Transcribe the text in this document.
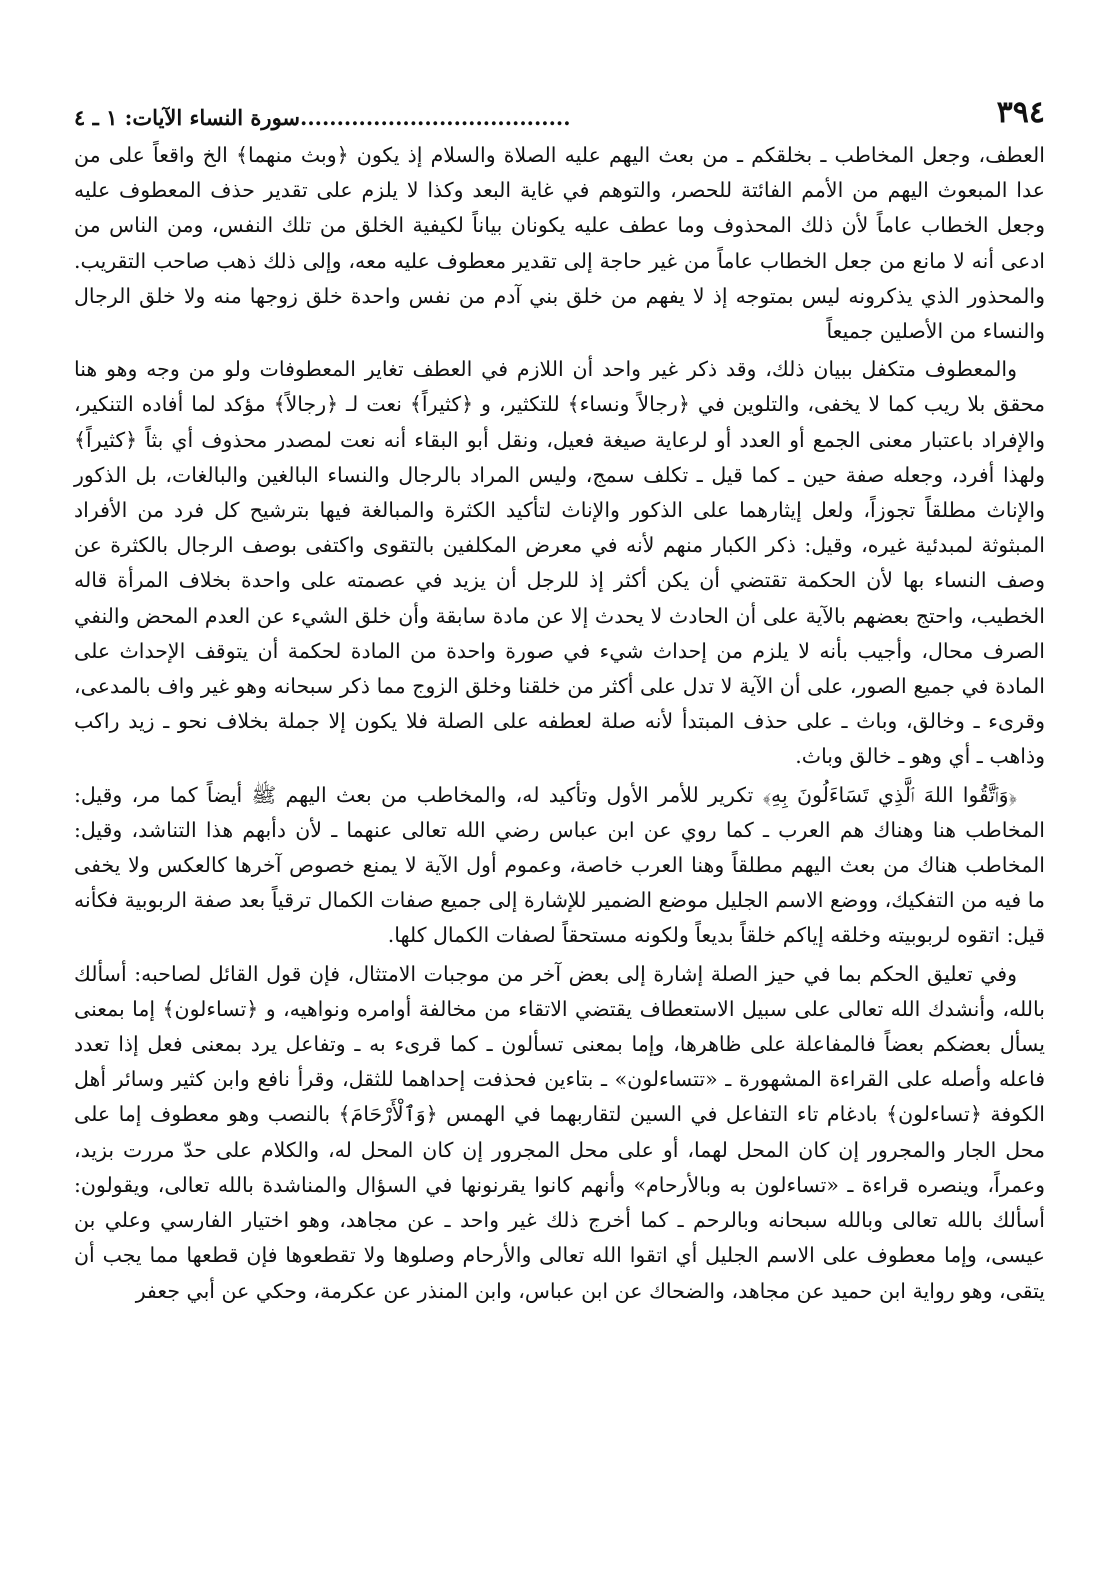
٣٩٤
.....................................سورة النساء الآيات: ١ ـ ٤

العطف، وجعل المخاطب ـ بخلقكم ـ من بعث اليهم عليه الصلاة والسلام إذ يكون ﴿وبث منهما﴾ الخ واقعاً على من عدا المبعوث اليهم من الأمم الفائتة للحصر، والتوهم في غاية البعد وكذا لا يلزم على تقدير حذف المعطوف عليه وجعل الخطاب عاماً لأن ذلك المحذوف وما عطف عليه يكونان بياناً لكيفية الخلق من تلك النفس، ومن الناس من ادعى أنه لا مانع من جعل الخطاب عاماً من غير حاجة إلى تقدير معطوف عليه معه، وإلى ذلك ذهب صاحب التقريب. والمحذور الذي يذكرونه ليس بمتوجه إذ لا يفهم من خلق بني آدم من نفس واحدة خلق زوجها منه ولا خلق الرجال والنساء من الأصلين جميعاً

والمعطوف متكفل ببيان ذلك، وقد ذكر غير واحد أن اللازم في العطف تغاير المعطوفات ولو من وجه وهو هنا محقق بلا ريب كما لا يخفى، والتلوين في ﴿رجالاً ونساء﴾ للتكثير، و ﴿كثيراً﴾ نعت لـ ﴿رجالاً﴾ مؤكد لما أفاده التنكير، والإفراد باعتبار معنى الجمع أو العدد أو لرعاية صيغة فعيل، ونقل أبو البقاء أنه نعت لمصدر محذوف أي بثاً ﴿كثيراً﴾ ولهذا أفرد، وجعله صفة حين ـ كما قيل ـ تكلف سمج، وليس المراد بالرجال والنساء البالغين والبالغات، بل الذكور والإناث مطلقاً تجوزاً، ولعل إيثارهما على الذكور والإناث لتأكيد الكثرة والمبالغة فيها بترشيح كل فرد من الأفراد المبثوثة لمبدئية غيره، وقيل: ذكر الكبار منهم لأنه في معرض المكلفين بالتقوى واكتفى بوصف الرجال بالكثرة عن وصف النساء بها لأن الحكمة تقتضي أن يكن أكثر إذ للرجل أن يزيد في عصمته على واحدة بخلاف المرأة قاله الخطيب، واحتج بعضهم بالآية على أن الحادث لا يحدث إلا عن مادة سابقة وأن خلق الشيء عن العدم المحض والنفي الصرف محال، وأجيب بأنه لا يلزم من إحداث شيء في صورة واحدة من المادة لحكمة أن يتوقف الإحداث على المادة في جميع الصور، على أن الآية لا تدل على أكثر من خلقنا وخلق الزوج مما ذكر سبحانه وهو غير واف بالمدعى، وقرىء ـ وخالق، وباث ـ على حذف المبتدأ لأنه صلة لعطفه على الصلة فلا يكون إلا جملة بخلاف نحو ـ زيد راكب وذاهب ـ أي وهو ـ خالق وباث.

﴿وَٱتَّقُوا اللهَ ٱلَّذِي تَسَاءَلُونَ بِهِ﴾ تكرير للأمر الأول وتأكيد له، والمخاطب من بعث اليهم ﷺ أيضاً كما مر، وقيل: المخاطب هنا وهناك هم العرب ـ كما روي عن ابن عباس رضي الله تعالى عنهما ـ لأن دأبهم هذا التناشد، وقيل: المخاطب هناك من بعث اليهم مطلقاً وهنا العرب خاصة، وعموم أول الآية لا يمنع خصوص آخرها كالعكس ولا يخفى ما فيه من التفكيك، ووضع الاسم الجليل موضع الضمير للإشارة إلى جميع صفات الكمال ترقياً بعد صفة الربوبية فكأنه قيل: اتقوه لربوبيته وخلقه إياكم خلقاً بديعاً ولكونه مستحقاً لصفات الكمال كلها.

وفي تعليق الحكم بما في حيز الصلة إشارة إلى بعض آخر من موجبات الامتثال، فإن قول القائل لصاحبه: أسألك بالله، وأنشدك الله تعالى على سبيل الاستعطاف يقتضي الاتقاء من مخالفة أوامره ونواهيه، و ﴿تساءلون﴾ إما بمعنى يسأل بعضكم بعضاً فالمفاعلة على ظاهرها، وإما بمعنى تسألون ـ كما قرىء به ـ وتفاعل يرد بمعنى فعل إذا تعدد فاعله وأصله على القراءة المشهورة ـ «تتساءلون» ـ بتاءين فحذفت إحداهما للثقل، وقرأ نافع وابن كثير وسائر أهل الكوفة ﴿تساءلون﴾ بادغام تاء التفاعل في السين لتقاربهما في الهمس ﴿وَٱلْأَرْحَامَ﴾ بالنصب وهو معطوف إما على محل الجار والمجرور إن كان المحل لهما، أو على محل المجرور إن كان المحل له، والكلام على حدّ مررت بزيد، وعمراً، وينصره قراءة ـ «تساءلون به وبالأرحام» وأنهم كانوا يقرنونها في السؤال والمناشدة بالله تعالى، ويقولون: أسألك بالله تعالى وبالله سبحانه وبالرحم ـ كما أخرج ذلك غير واحد ـ عن مجاهد، وهو اختيار الفارسي وعلي بن عيسى، وإما معطوف على الاسم الجليل أي اتقوا الله تعالى والأرحام وصلوها ولا تقطعوها فإن قطعها مما يجب أن يتقى، وهو رواية ابن حميد عن مجاهد، والضحاك عن ابن عباس، وابن المنذر عن عكرمة، وحكي عن أبي جعفر
